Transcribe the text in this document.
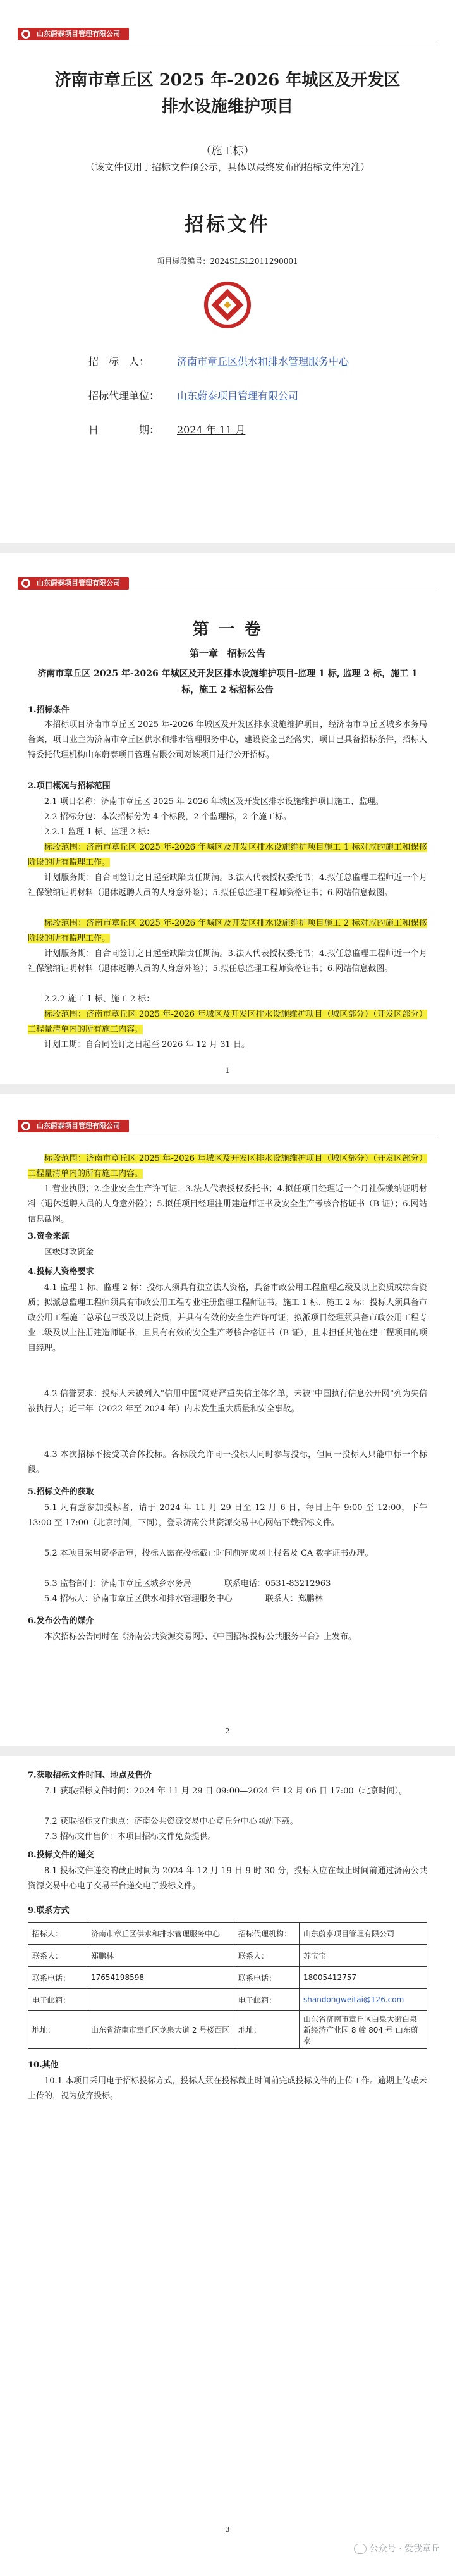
山东蔚泰项目管理有限公司
济南市章丘区 2025 年-2026 年城区及开发区
排水设施维护项目
（施工标）
（该文件仅用于招标文件预公示，具体以最终发布的招标文件为准）
招标文件
项目标段编号：2024SLSL2011290001
招　标　人：	济南市章丘区供水和排水管理服务中心
招标代理单位： 山东蔚泰项目管理有限公司
日　　　　期： 2024 年 11 月
山东蔚泰项目管理有限公司
第 一 卷
第一章　招标公告
济南市章丘区 2025 年-2026 年城区及开发区排水设施维护项目-监理 1 标, 监理 2 标，施工 1 标，施工 2 标招标公告
1.招标条件
本招标项目济南市章丘区 2025 年-2026 年城区及开发区排水设施维护项目，经济南市章丘区城乡水务局备案，项目业主为济南市章丘区供水和排水管理服务中心，建设资金已经落实，项目已具备招标条件，招标人特委托代理机构山东蔚泰项目管理有限公司对该项目进行公开招标。
2.项目概况与招标范围
2.1 项目名称：济南市章丘区 2025 年-2026 年城区及开发区排水设施维护项目施工、监理。
2.2 招标分包：本次招标分为 4 个标段，2 个监理标，2 个施工标。
2.2.1 监理 1 标、监理 2 标：
标段范围：济南市章丘区 2025 年-2026 年城区及开发区排水设施维护项目施工 1 标对应的施工和保修阶段的所有监理工作。
计划服务期：自合同签订之日起至缺陷责任期满。3.法人代表授权委托书；4.拟任总监理工程师近一个月社保缴纳证明材料（退休返聘人员的人身意外险）；5.拟任总监理工程师资格证书；6.网站信息截图。
标段范围：济南市章丘区 2025 年-2026 年城区及开发区排水设施维护项目施工 2 标对应的施工和保修阶段的所有监理工作。
计划服务期：自合同签订之日起至缺陷责任期满。3.法人代表授权委托书；4.拟任总监理工程师近一个月社保缴纳证明材料（退休返聘人员的人身意外险）；5.拟任总监理工程师资格证书；6.网站信息截图。
2.2.2 施工 1 标、施工 2 标：
标段范围：济南市章丘区 2025 年-2026 年城区及开发区排水设施维护项目（城区部分）（开发区部分）工程量清单内的所有施工内容。
计划工期：自合同签订之日起至 2026 年 12 月 31 日。
1
山东蔚泰项目管理有限公司
标段范围：济南市章丘区 2025 年-2026 年城区及开发区排水设施维护项目（城区部分）（开发区部分）工程量清单内的所有施工内容。
1.营业执照；2.企业安全生产许可证；3.法人代表授权委托书；4.拟任项目经理近一个月社保缴纳证明材料（退休返聘人员的人身意外险）；5.拟任项目经理注册建造师证书及安全生产考核合格证书（B 证）；6.网站信息截图。
3.资金来源
区级财政资金
4.投标人资格要求
4.1 监理 1 标、监理 2 标：投标人须具有独立法人资格，具备市政公用工程监理乙级及以上资质或综合资质；拟派总监理工程师须具有市政公用工程专业注册监理工程师证书。施工 1 标、施工 2 标：投标人须具备市政公用工程施工总承包三级及以上资质，并具有有效的安全生产许可证；拟派项目经理须具备市政公用工程专业二级及以上注册建造师证书，且具有有效的安全生产考核合格证书（B 证），且未担任其他在建工程项目的项目经理。
4.2 信誉要求：投标人未被列入"信用中国"网站严重失信主体名单，未被"中国执行信息公开网"列为失信被执行人；近三年（2022 年至 2024 年）内未发生重大质量和安全事故。
4.3 本次招标不接受联合体投标。各标段允许同一投标人同时参与投标，但同一投标人只能中标一个标段。
5.招标文件的获取
5.1 凡有意参加投标者，请于 2024 年 11 月 29 日至 12 月 6 日，每日上午 9:00 至 12:00，下午 13:00 至 17:00（北京时间，下同），登录济南公共资源交易中心网站下载招标文件。
5.2 本项目采用资格后审，投标人需在投标截止时间前完成网上报名及 CA 数字证书办理。
5.3 监督部门：济南市章丘区城乡水务局　　　　联系电话：0531-83212963
5.4 招标人：济南市章丘区供水和排水管理服务中心　　　　联系人：郑鹏林
6.发布公告的媒介
本次招标公告同时在《济南公共资源交易网》、《中国招标投标公共服务平台》上发布。
2
7.获取招标文件时间、地点及售价
7.1 获取招标文件时间：2024 年 11 月 29 日 09:00—2024 年 12 月 06 日 17:00（北京时间）。
7.2 获取招标文件地点：济南公共资源交易中心章丘分中心网站下载。
7.3 招标文件售价：本项目招标文件免费提供。
8.投标文件的递交
8.1 投标文件递交的截止时间为 2024 年 12 月 19 日 9 时 30 分，投标人应在截止时间前通过济南公共资源交易中心电子交易平台递交电子投标文件。
9.联系方式
招标人：	济南市章丘区供水和排水管理服务中心	招标代理机构：	山东蔚泰项目管理有限公司
联系人：	郑鹏林	联系人：	苏宝宝
联系电话：	17654198598	联系电话：	18005412757
电子邮箱：		电子邮箱：	shandongweitai@126.com
地址：	山东省济南市章丘区龙泉大道 2 号楼西区	地址：	山东省济南市章丘区白泉大街白泉新经济产业园 8 幢 804 号 山东蔚泰
10.其他
10.1 本项目采用电子招标投标方式，投标人须在投标截止时间前完成投标文件的上传工作。逾期上传或未上传的，视为放弃投标。
3
公众号 · 爱我章丘
